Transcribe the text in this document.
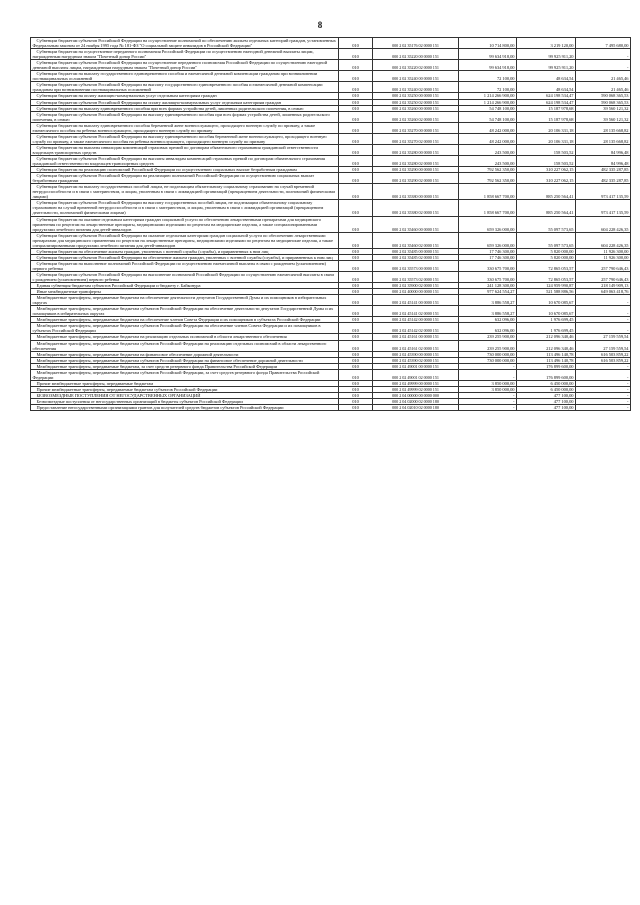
8
Субвенции бюджетам субъектов Российской Федерации на осуществление полномочий по обеспечению жильем отдельных категорий граждан, установленных Федеральным законом от 24 ноября 1995 года № 181-ФЗ "О социальной защите инвалидов в Российской Федерации"	010	000 2 02 35176 02 0000 151	10 714 800,00	3 219 120,00	7 495 680,00
Субвенции бюджетам на осуществление переданного полномочия Российской Федерации по осуществлению ежегодной денежной выплаты лицам, награжденным нагрудным знаком "Почетный донор России"	010	000 2 02 35220 00 0000 151	99 634 918,00	99 925 911,20	-
Субвенции бюджетам субъектов Российской Федерации на осуществление переданного полномочия Российской Федерации по осуществлению ежегодной денежной выплаты лицам, награжденным нагрудным знаком "Почетный донор России"	010	000 2 02 35220 02 0000 151	99 634 918,00	99 925 911,20	-
Субвенции бюджетам на выплату государственного единовременного пособия и ежемесячной денежной компенсации гражданам при возникновении поствакцинальных осложнений	010	000 2 02 35240 00 0000 151	72 100,00	48 634,54	21 465,46
Субвенции бюджетам субъектов Российской Федерации на выплату государственного единовременного пособия и ежемесячной денежной компенсации гражданам при возникновении поствакцинальных осложнений	010	000 2 02 35240 02 0000 151	72 100,00	48 634,54	21 465,46
Субвенции бюджетам на оплату жилищно-коммунальных услуг отдельным категориям граждан	010	000 2 02 35250 00 0000 151	1 214 266 900,00	624 198 534,47	590 068 365,53
Субвенции бюджетам субъектов Российской Федерации на оплату жилищно-коммунальных услуг отдельным категориям граждан	010	000 2 02 35250 02 0000 151	1 214 266 900,00	624 198 534,47	590 068 365,53
Субвенции бюджетам на выплату единовременного пособия при всех формах устройства детей, лишенных родительского попечения, в семью	010	000 2 02 35260 00 0000 151	54 748 100,00	15 187 978,68	39 560 121,32
Субвенции бюджетам субъектов Российской Федерации на выплату единовременного пособия при всех формах устройства детей, лишенных родительского попечения, в семью	010	000 2 02 35260 02 0000 151	54 748 100,00	15 187 978,68	39 560 121,32
Субвенции бюджетам на выплату единовременного пособия беременной жене военнослужащего, проходящего военную службу по призыву, а также ежемесячного пособия на ребенка военнослужащего, проходящего военную службу по призыву	010	000 2 02 35270 00 0000 151	48 242 000,00	20 106 331,18	28 135 668,82
Субвенции бюджетам субъектов Российской Федерации на выплату единовременного пособия беременной жене военнослужащего, проходящего военную службу по призыву, а также ежемесячного пособия на ребенка военнослужащего, проходящего военную службу по призыву	010	000 2 02 35270 02 0000 151	48 242 000,00	20 106 331,18	28 135 668,82
Субвенции бюджетам на выплаты инвалидам компенсаций страховых премий по договорам обязательного страхования гражданской ответственности владельцев транспортных средств	010	000 2 02 35280 00 0000 151	243 500,00	158 503,52	84 996,48
Субвенции бюджетам субъектов Российской Федерации на выплаты инвалидам компенсаций страховых премий по договорам обязательного страхования гражданской ответственности владельцев транспортных средств	010	000 2 02 35280 02 0000 151	243 500,00	158 503,52	84 996,48
Субвенции бюджетам на реализацию полномочий Российской Федерации по осуществлению социальных выплат безработным гражданам	010	000 2 02 35290 00 0000 151	792 562 350,00	310 227 062,15	482 335 287,85
Субвенции бюджетам субъектов Российской Федерации на реализацию полномочий Российской Федерации по осуществлению социальных выплат безработным гражданам	010	000 2 02 35290 02 0000 151	792 562 350,00	310 227 062,15	482 335 287,85
Субвенции бюджетам на выплату государственных пособий лицам, не подлежащим обязательному социальному страхованию на случай временной нетрудоспособности и в связи с материнством, и лицам, уволенным в связи с ликвидацией организаций (прекращением деятельности, полномочий физическими лицами)	010	000 2 02 35380 00 0000 151	1 858 667 700,00	885 250 564,41	973 417 135,59
Субвенции бюджетам субъектов Российской Федерации на выплату государственных пособий лицам, не подлежащим обязательному социальному страхованию на случай временной нетрудоспособности и в связи с материнством, и лицам, уволенным в связи с ликвидацией организаций (прекращением деятельности, полномочий физическими лицами)	010	000 2 02 35380 02 0000 151	1 858 667 700,00	885 250 564,41	973 417 135,59
Субвенции бюджетам на оказание отдельным категориям граждан социальной услуги по обеспечению лекарственными препаратами для медицинского применения по рецептам на лекарственные препараты, медицинскими изделиями по рецептам на медицинские изделия, а также специализированными продуктами лечебного питания для детей-инвалидов	010	000 2 02 35460 00 0000 151	659 326 000,00	55 097 573,65	604 228 426,35
Субвенции бюджетам субъектов Российской Федерации на оказание отдельным категориям граждан социальной услуги по обеспечению лекарственными препаратами для медицинского применения по рецептам на лекарственные препараты, медицинскими изделиями по рецептам на медицинские изделия, а также специализированными продуктами лечебного питания для детей-инвалидов	010	000 2 02 35460 02 0000 151	659 326 000,00	55 097 573,65	604 228 426,35
Субвенции бюджетам на обеспечение жильем граждан, уволенных с военной службы (службы), и приравненных к ним лиц	010	000 2 02 35485 00 0000 151	17 746 300,00	5 820 000,00	11 926 300,00
Субвенции бюджетам субъектов Российской Федерации на обеспечение жильем граждан, уволенных с военной службы (службы), и приравненных к ним лиц	010	000 2 02 35485 02 0000 151	17 746 300,00	5 820 000,00	11 926 300,00
Субвенции бюджетам на выполнение полномочий Российской Федерации по осуществлению ежемесячной выплаты в связи с рождением (усыновлением) первого ребенка	010	000 2 02 35573 00 0000 151	330 675 700,00	72 865 053,57	257 790 646,43
Субвенции бюджетам субъектов Российской Федерации на выполнение полномочий Российской Федерации по осуществлению ежемесячной выплаты в связи с рождением (усыновлением) первого ребенка	010	000 2 02 35573 02 0000 151	330 675 700,00	72 865 053,57	257 790 646,43
Единая субвенция бюджетам субъектов Российской Федерации и бюджету г. Байконура	010	000 2 02 35900 02 0000 151	241 128 300,00	124 959 990,87	218 149 909,13
Иные межбюджетные трансферты	010	000 2 02 40000 00 0000 151	977 624 554,27	521 588 886,56	649 063 418,76
Межбюджетные трансферты, передаваемые бюджетам на обеспечение деятельности депутатов Государственной Думы и их помощников в избирательных округах	010	000 2 02 45141 00 0000 151	3 886 558,27	10 670 085,67	-
Межбюджетные трансферты, передаваемые бюджетам субъектов Российской Федерации на обеспечение деятельности депутатов Государственной Думы и их помощников в избирательных округах	010	000 2 02 45141 02 0000 151	3 886 558,27	10 670 085,67	-
Межбюджетные трансферты, передаваемые бюджетам на обеспечение членов Совета Федерации и их помощников в субъектах Российской Федерации	010	000 2 02 45142 00 0000 151	632 096,00	1 976 699,45	-
Межбюджетные трансферты, передаваемые бюджетам субъектов Российской Федерации на обеспечение членов Совета Федерации и их помощников в субъектах Российской Федерации	010	000 2 02 45142 02 0000 151	632 096,00	1 976 699,45	-
Межбюджетные трансферты, передаваемые бюджетам на реализацию отдельных полномочий в области лекарственного обеспечения	010	000 2 02 45161 00 0000 151	239 255 900,00	212 096 340,46	27 159 559,54
Межбюджетные трансферты, передаваемые бюджетам субъектов Российской Федерации на реализацию отдельных полномочий в области лекарственного обеспечения	010	000 2 02 45161 02 0000 151	239 255 900,00	212 096 340,46	27 159 559,54
Межбюджетные трансферты, передаваемые бюджетам на финансовое обеспечение дорожной деятельности	010	000 2 02 45390 00 0000 151	730 000 000,00	113 496 140,78	616 503 859,22
Межбюджетные трансферты, передаваемые бюджетам субъектов Российской Федерации на финансовое обеспечение дорожной деятельности	010	000 2 02 45390 02 0000 151	730 000 000,00	113 496 140,78	616 503 859,22
Межбюджетные трансферты, передаваемые бюджетам, за счет средств резервного фонда Правительства Российской Федерации	010	000 2 02 49001 00 0000 151	-	176 899 600,00	-
Межбюджетные трансферты, передаваемые бюджетам субъектов Российской Федерации, за счет средств резервного фонда Правительства Российской Федерации	010	000 2 02 49001 02 0000 151	-	176 899 600,00	-
Прочие межбюджетные трансферты, передаваемые бюджетам	010	000 2 02 49999 00 0000 151	3 850 000,00	6 450 000,00	-
Прочие межбюджетные трансферты, передаваемые бюджетам субъектов Российской Федерации	010	000 2 02 49999 02 0000 151	3 850 000,00	6 450 000,00	-
БЕЗВОЗМЕЗДНЫЕ ПОСТУПЛЕНИЯ ОТ НЕГОСУДАРСТВЕННЫХ ОРГАНИЗАЦИЙ	010	000 2 04 00000 00 0000 000	-	477 100,00	-
Безвозмездные поступления от негосударственных организаций в бюджеты субъектов Российской Федерации	010	000 2 04 02000 02 0000 180	-	477 100,00	-
Предоставление негосударственными организациями грантов для получателей средств бюджетов субъектов Российской Федерации	010	000 2 04 02010 02 0000 180	-	477 100,00	-
